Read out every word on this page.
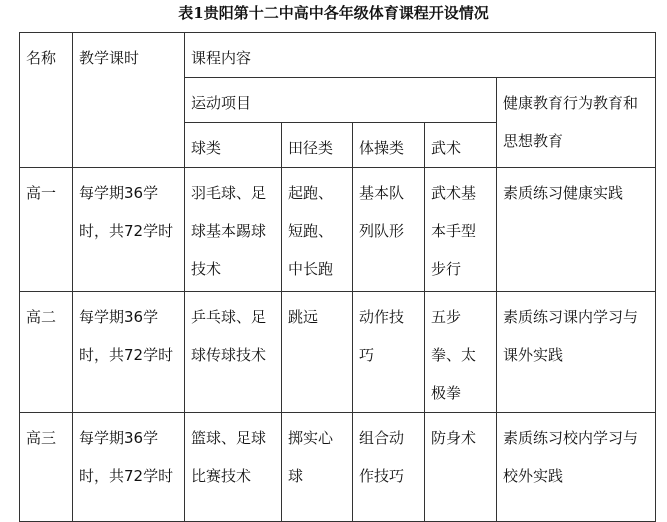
表1贵阳第十二中高中各年级体育课程开设情况
名称	教学课时	课程内容				

		运动项目				健康教育行为教育和思想教育

		球类	田径类	体操类	武术	

高一	每学期36学时，共72学时	羽毛球、足球基本踢球技术	起跑、短跑、中长跑	基本队列队形	武术基本手型步行	素质练习健康实践

高二	每学期36学时，共72学时	乒乓球、足球传球技术	跳远	动作技巧	五步拳、太极拳	素质练习课内学习与课外实践

高三	每学期36学时，共72学时	篮球、足球比赛技术	掷实心球	组合动作技巧	防身术	素质练习校内学习与校外实践
